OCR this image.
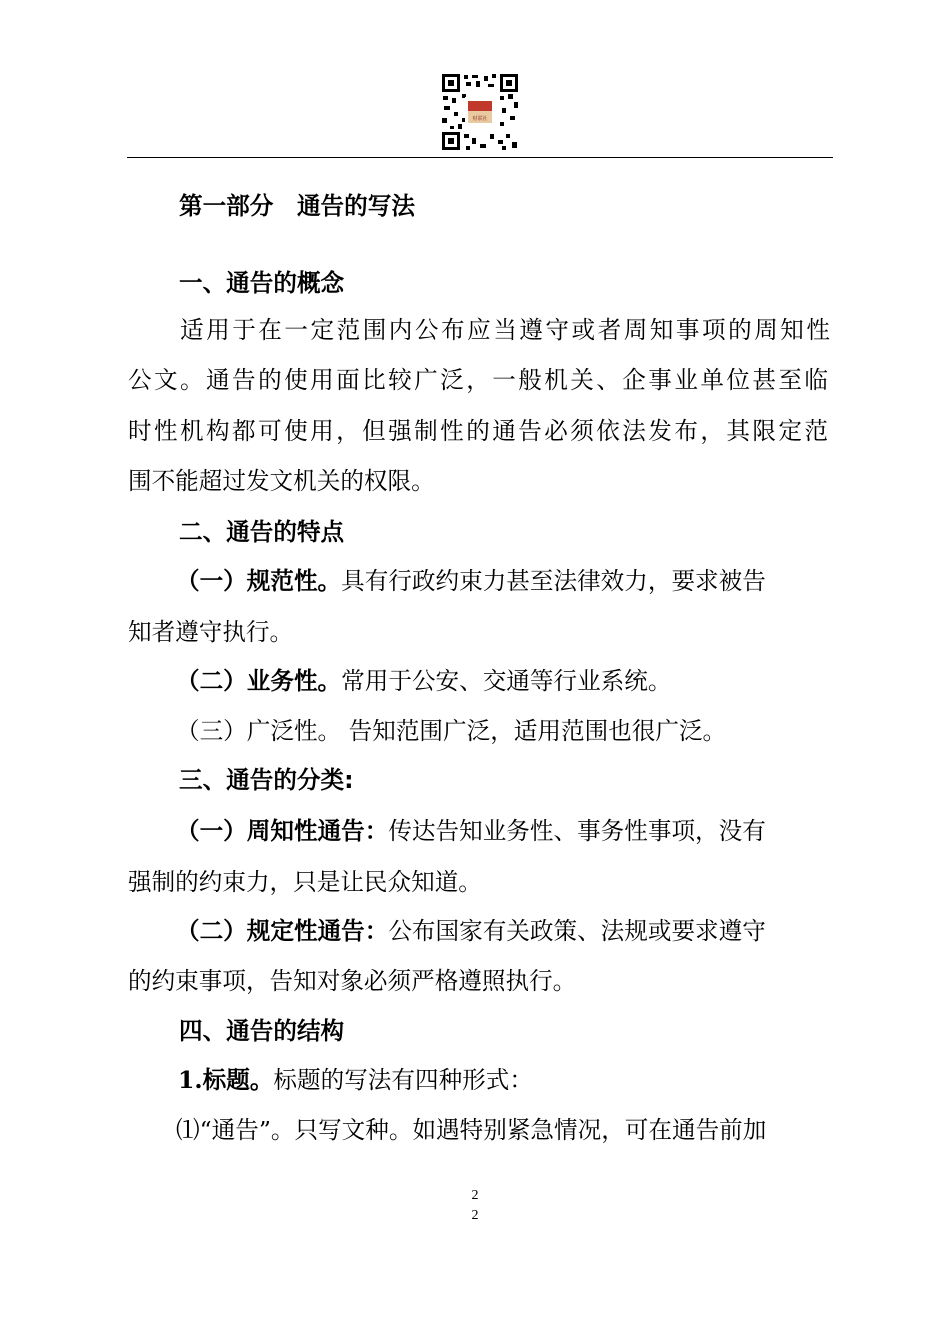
财联社
第一部分　通告的写法
一、通告的概念
适用于在一定范围内公布应当遵守或者周知事项的周知性
公文。通告的使用面比较广泛，一般机关、企事业单位甚至临
时性机构都可使用，但强制性的通告必须依法发布，其限定范
围不能超过发文机关的权限。
二、通告的特点
（一）规范性。具有行政约束力甚至法律效力，要求被告
知者遵守执行。
（二）业务性。常用于公安、交通等行业系统。
（三）广泛性。 告知范围广泛，适用范围也很广泛。
三、通告的分类:
（一）周知性通告：传达告知业务性、事务性事项，没有
强制的约束力，只是让民众知道。
（二）规定性通告：公布国家有关政策、法规或要求遵守
的约束事项，告知对象必须严格遵照执行。
四、通告的结构
1.标题。标题的写法有四种形式：
⑴“通告”。只写文种。如遇特别紧急情况，可在通告前加
2
2
